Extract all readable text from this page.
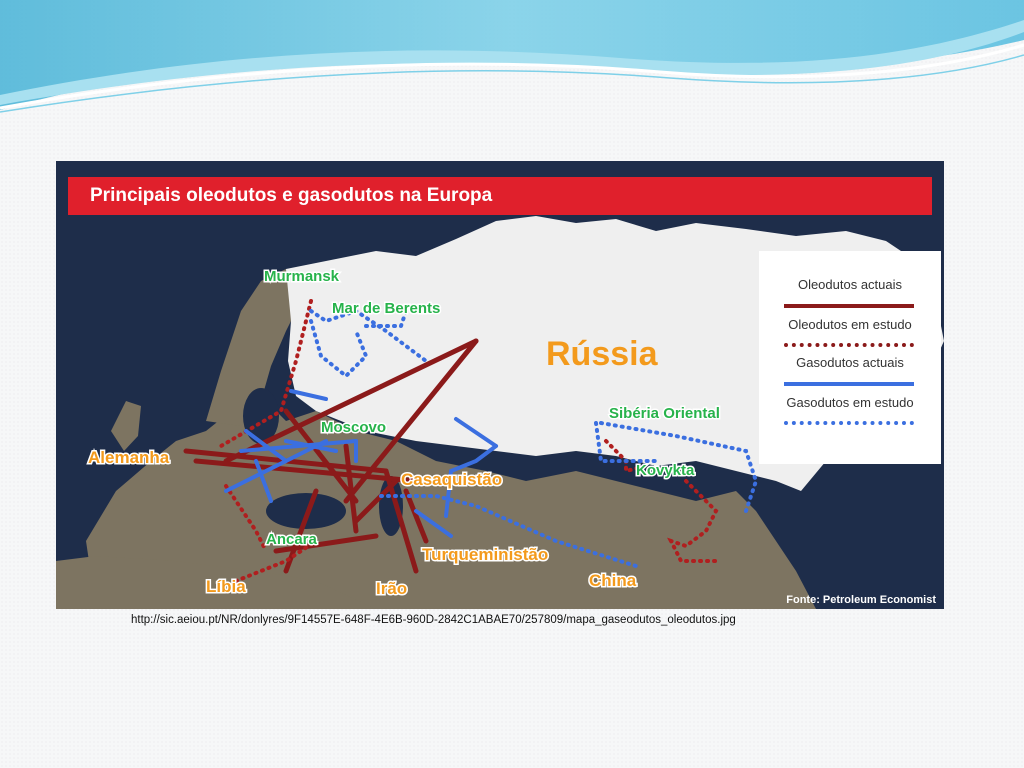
Principais oleodutos e gasodutos na Europa
Rússia
Murmansk
Mar de Berents
Moscovo
Sibéria Oriental
Kovykta
Ancara
Alemanha
Casaquistão
Turqueministão
Líbia	Irão	China
Oleodutos actuais
Oleodutos em estudo
Gasodutos actuais
Gasodutos em estudo
Fonte: Petroleum Economist
http://sic.aeiou.pt/NR/donlyres/9F14557E-648F-4E6B-960D-2842C1ABAE70/257809/mapa_gaseodutos_oleodutos.jpg
